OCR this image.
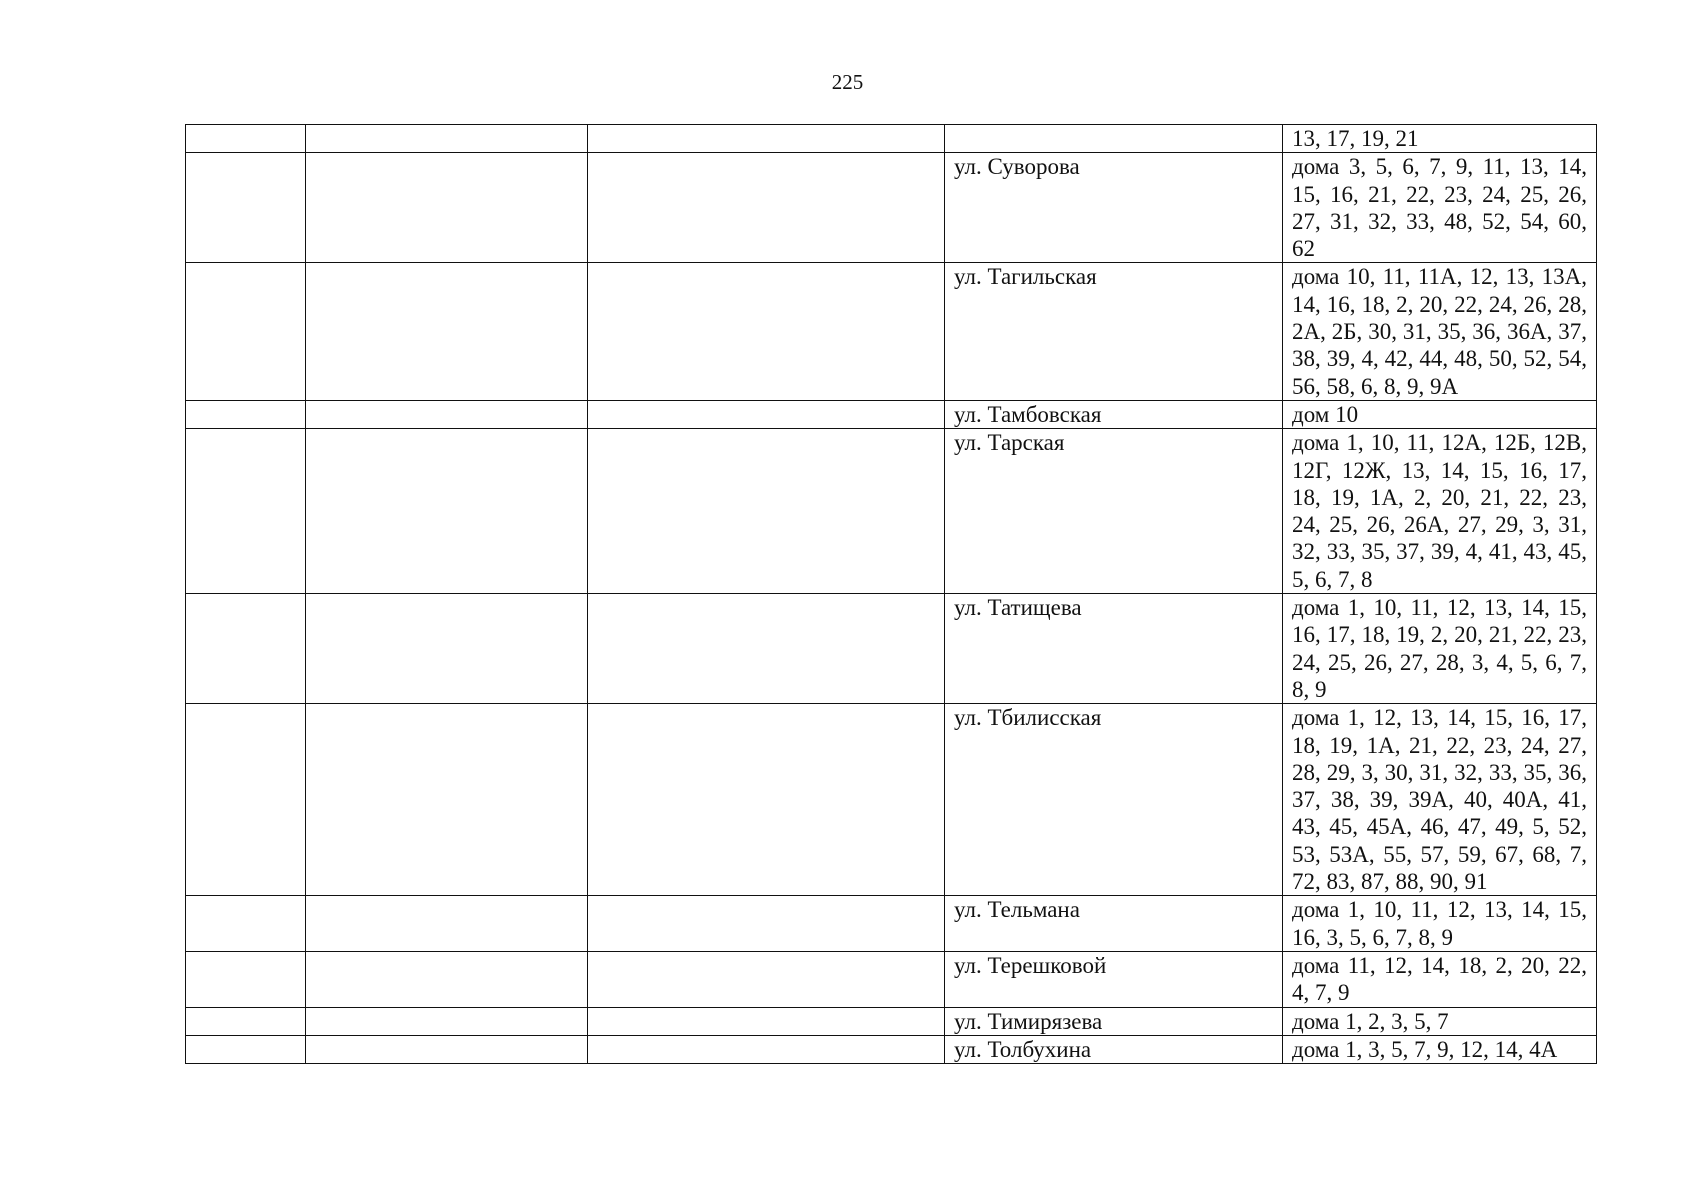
225
				13, 17, 19, 21
			ул. Суворова	дома 3, 5, 6, 7, 9, 11, 13, 14, 15, 16, 21, 22, 23, 24, 25, 26, 27, 31, 32, 33, 48, 52, 54, 60, 62
			ул. Тагильская	дома 10, 11, 11А, 12, 13, 13А, 14, 16, 18, 2, 20, 22, 24, 26, 28, 2А, 2Б, 30, 31, 35, 36, 36А, 37, 38, 39, 4, 42, 44, 48, 50, 52, 54, 56, 58, 6, 8, 9, 9А
			ул. Тамбовская	дом 10
			ул. Тарская	дома 1, 10, 11, 12А, 12Б, 12В, 12Г, 12Ж, 13, 14, 15, 16, 17, 18, 19, 1А, 2, 20, 21, 22, 23, 24, 25, 26, 26А, 27, 29, 3, 31, 32, 33, 35, 37, 39, 4, 41, 43, 45, 5, 6, 7, 8
			ул. Татищева	дома 1, 10, 11, 12, 13, 14, 15, 16, 17, 18, 19, 2, 20, 21, 22, 23, 24, 25, 26, 27, 28, 3, 4, 5, 6, 7, 8, 9
			ул. Тбилисская	дома 1, 12, 13, 14, 15, 16, 17, 18, 19, 1А, 21, 22, 23, 24, 27, 28, 29, 3, 30, 31, 32, 33, 35, 36, 37, 38, 39, 39А, 40, 40А, 41, 43, 45, 45А, 46, 47, 49, 5, 52, 53, 53А, 55, 57, 59, 67, 68, 7, 72, 83, 87, 88, 90, 91
			ул. Тельмана	дома 1, 10, 11, 12, 13, 14, 15, 16, 3, 5, 6, 7, 8, 9
			ул. Терешковой	дома 11, 12, 14, 18, 2, 20, 22, 4, 7, 9
			ул. Тимирязева	дома 1, 2, 3, 5, 7
			ул. Толбухина	дома 1, 3, 5, 7, 9, 12, 14, 4А
